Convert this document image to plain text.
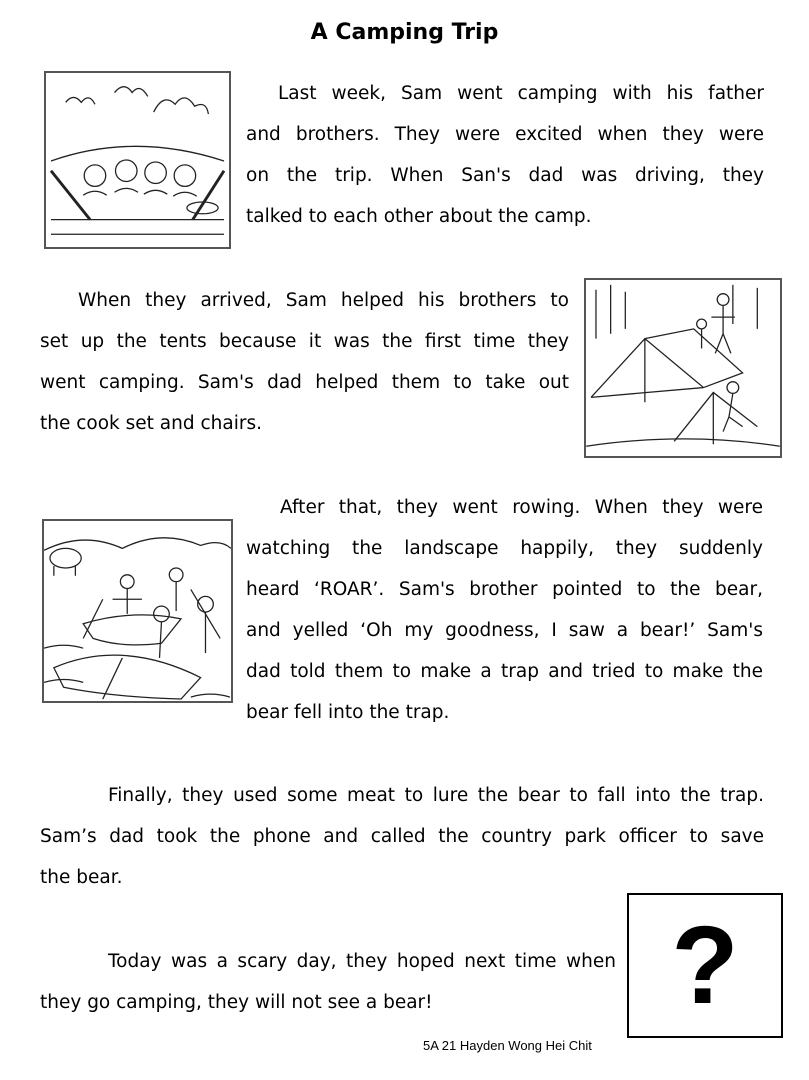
A Camping Trip

Last week, Sam went camping with his father
and brothers. They were excited when they were
on the trip. When San's dad was driving, they
talked to each other about the camp.

When they arrived, Sam helped his brothers to
set up the tents because it was the first time they
went camping. Sam's dad helped them to take out
the cook set and chairs.

After that, they went rowing. When they were
watching the landscape happily, they suddenly
heard ‘ROAR’. Sam's brother pointed to the bear,
and yelled ‘Oh my goodness, I saw a bear!’ Sam's
dad told them to make a trap and tried to make the
bear fell into the trap.

Finally, they used some meat to lure the bear to fall into the trap.
Sam’s dad took the phone and called the country park officer to save
the bear.

Today was a scary day, they hoped next time when
they go camping, they will not see a bear!	?
5A 21 Hayden Wong Hei Chit
